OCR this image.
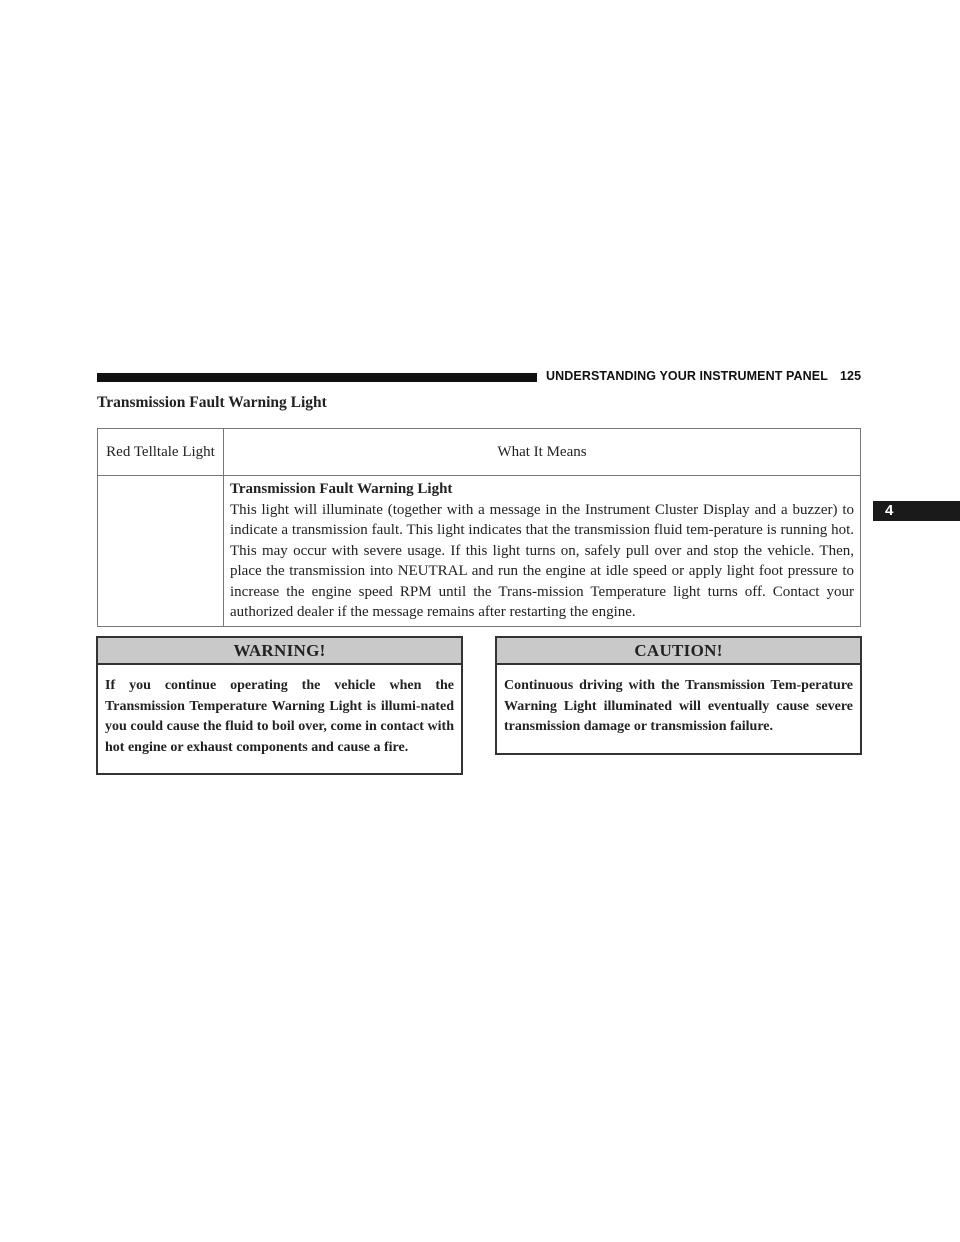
UNDERSTANDING YOUR INSTRUMENT PANEL 125
4
Transmission Fault Warning Light
Red Telltale Light	What It Means

	Transmission Fault Warning Light
This light will illuminate (together with a message in the Instrument Cluster Display and a buzzer) to indicate a transmission fault. This light indicates that the transmission fluid tem-perature is running hot. This may occur with severe usage. If this light turns on, safely pull over and stop the vehicle. Then, place the transmission into NEUTRAL and run the engine at idle speed or apply light foot pressure to increase the engine speed RPM until the Trans-mission Temperature light turns off. Contact your authorized dealer if the message remains after restarting the engine.
WARNING!

If you continue operating the vehicle when the Transmission Temperature Warning Light is illumi-nated you could cause the fluid to boil over, come in contact with hot engine or exhaust components and cause a fire.

CAUTION!

Continuous driving with the Transmission Tem-perature Warning Light illuminated will eventually cause severe transmission damage or transmission failure.
